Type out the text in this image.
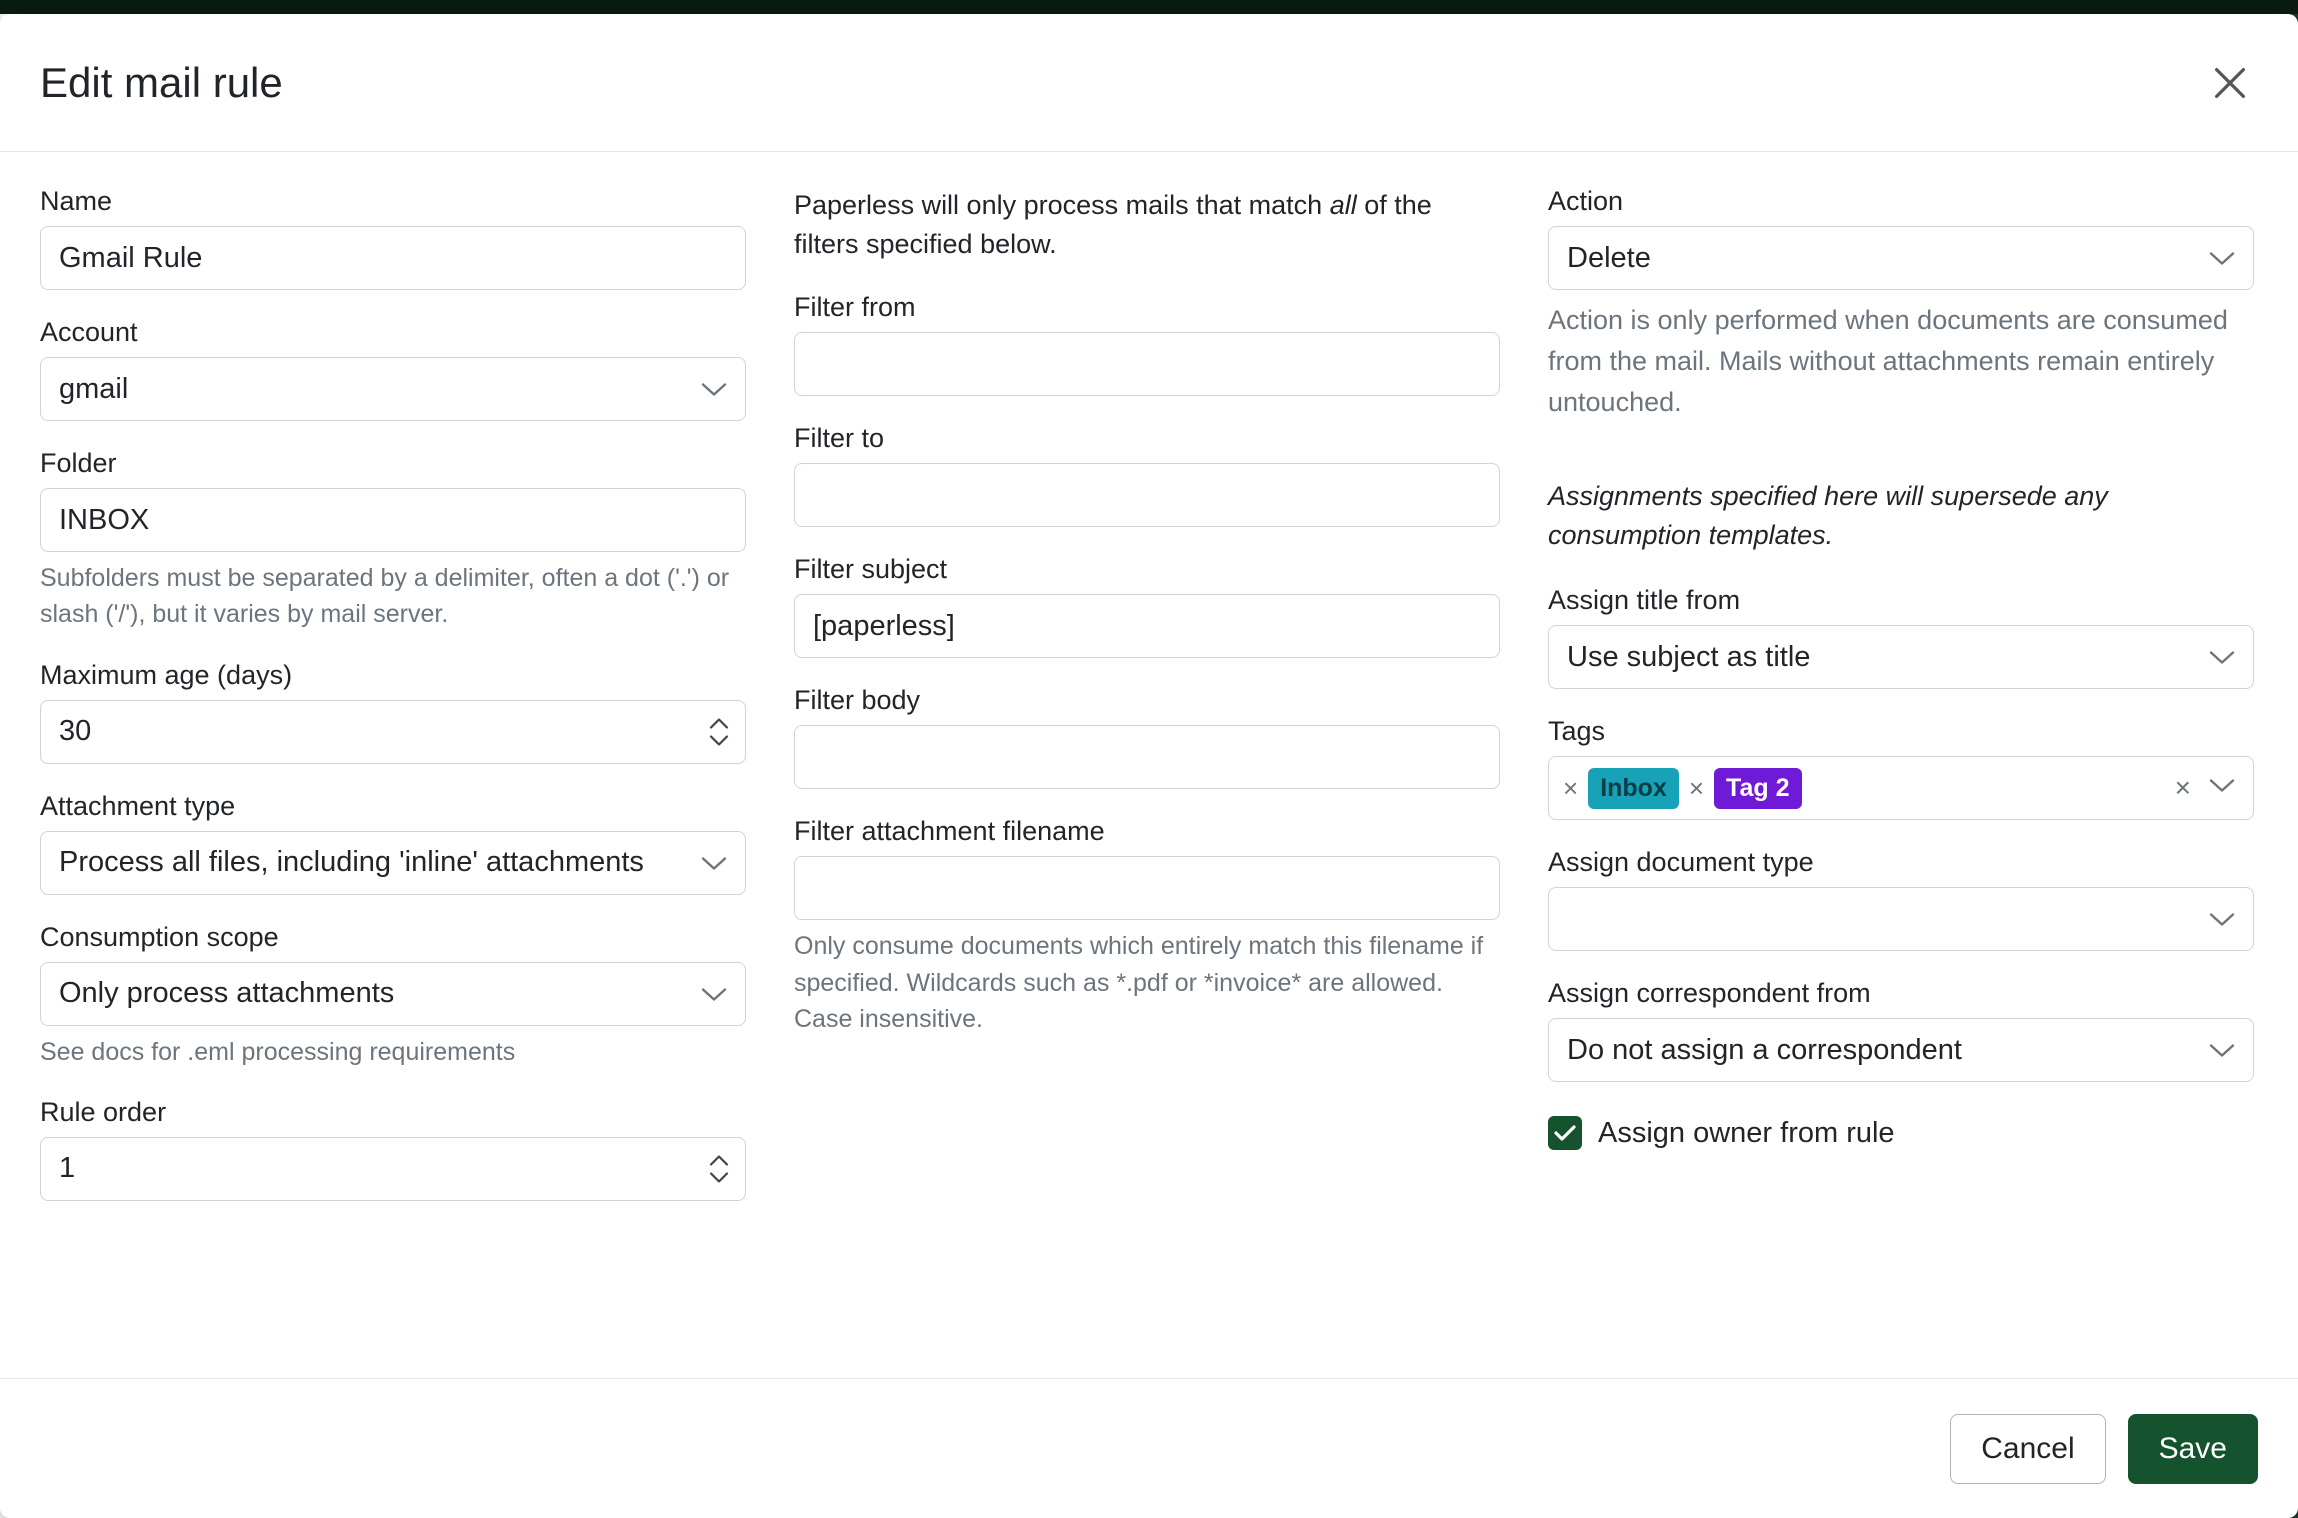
Edit mail rule
Name
Gmail Rule
Account
gmail
Folder
INBOX
Subfolders must be separated by a delimiter, often a dot ('.') or slash ('/'), but it varies by mail server.
Maximum age (days)
30
Attachment type
Process all files, including 'inline' attachments
Consumption scope
Only process attachments
See docs for .eml processing requirements
Rule order
1
Paperless will only process mails that match all of the filters specified below.
Filter from
Filter to
Filter subject
[paperless]
Filter body
Filter attachment filename
Only consume documents which entirely match this filename if specified. Wildcards such as *.pdf or *invoice* are allowed. Case insensitive.
Action
Delete
Action is only performed when documents are consumed from the mail. Mails without attachments remain entirely untouched.
Assignments specified here will supersede any consumption templates.
Assign title from
Use subject as title
Tags
× Inbox × Tag 2	×
Assign document type
Assign correspondent from
Do not assign a correspondent
Assign owner from rule
Cancel	Save
